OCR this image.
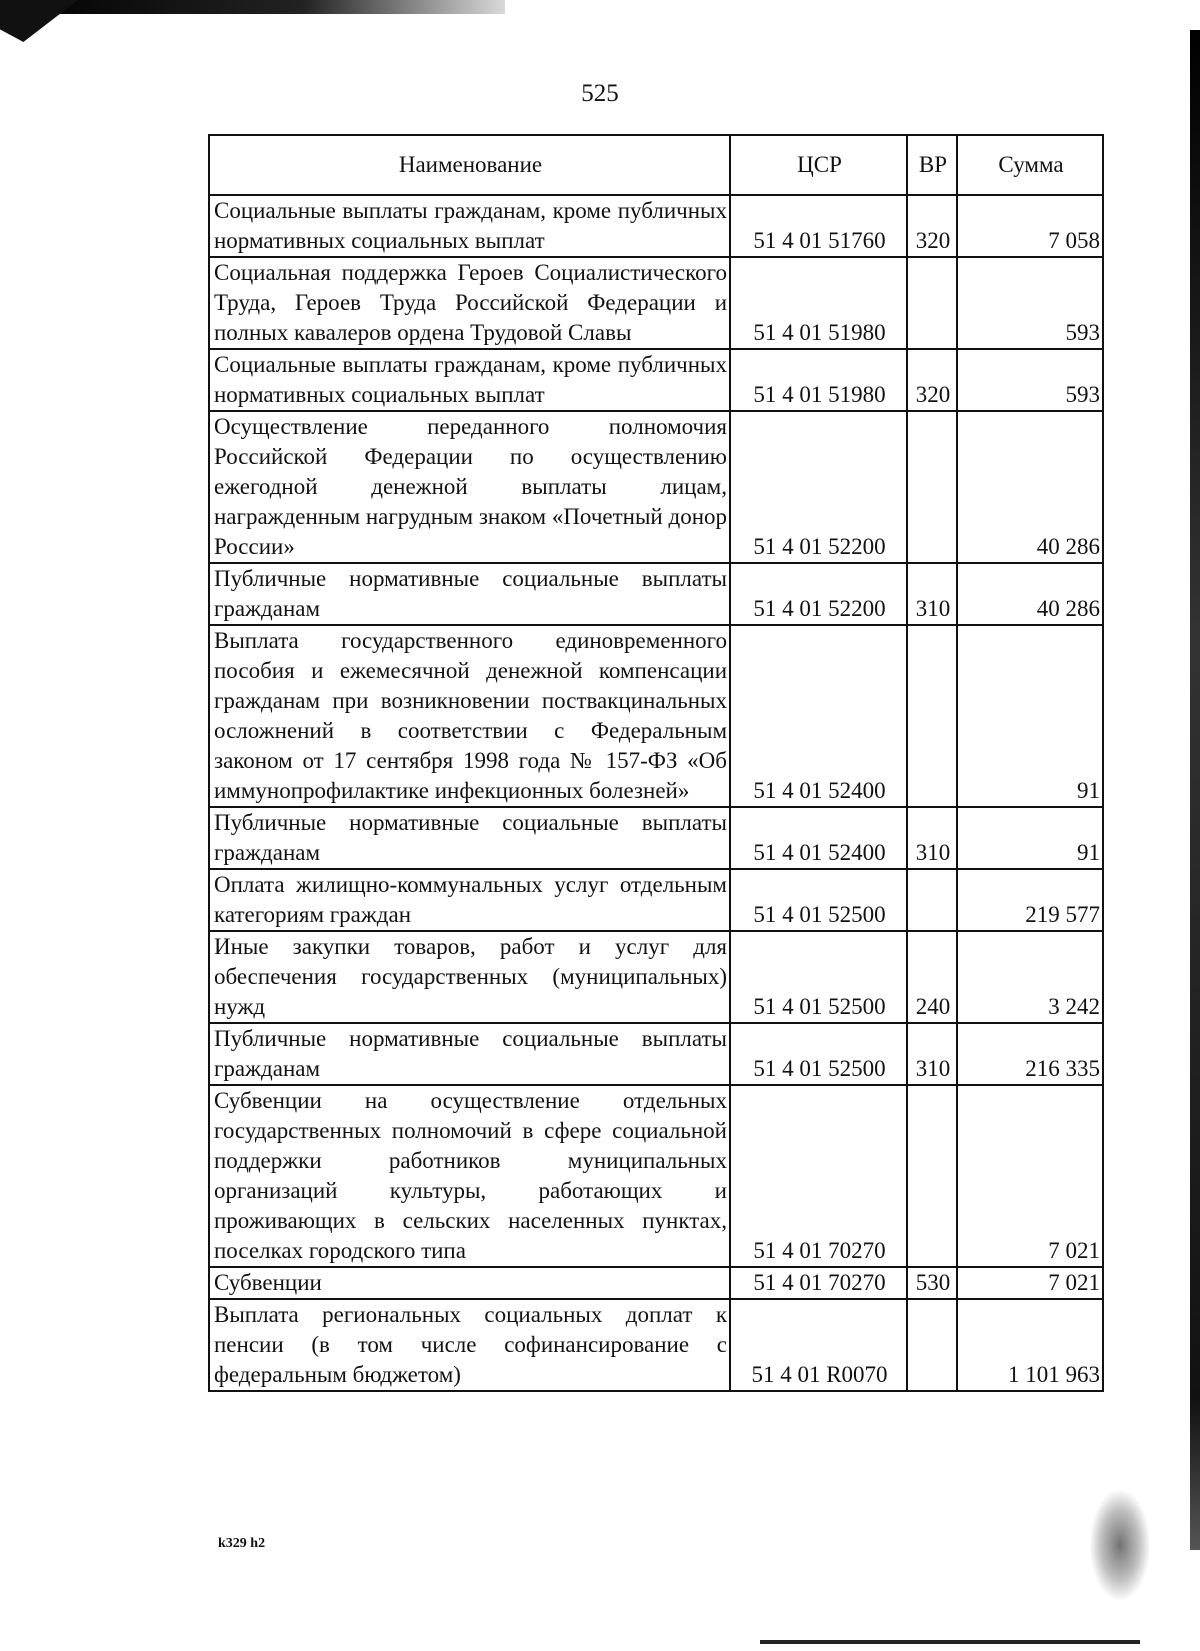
525
Наименование	ЦСР	ВР	Сумма
Социальные выплаты гражданам, кроме публичных нормативных социальных выплат	51 4 01 51760	320	7 058
Социальная поддержка Героев Социалистического Труда, Героев Труда Российской Федерации и полных кавалеров ордена Трудовой Славы	51 4 01 51980		593
Социальные выплаты гражданам, кроме публичных нормативных социальных выплат	51 4 01 51980	320	593
Осуществление переданного полномочия Российской Федерации по осуществлению ежегодной денежной выплаты лицам, награжденным нагрудным знаком «Почетный донор России»	51 4 01 52200		40 286
Публичные нормативные социальные выплаты гражданам	51 4 01 52200	310	40 286
Выплата государственного единовременного пособия и ежемесячной денежной компенсации гражданам при возникновении поствакцинальных осложнений в соответствии с Федеральным законом от 17 сентября 1998 года № 157-ФЗ «Об иммунопрофилактике инфекционных болезней»	51 4 01 52400		91
Публичные нормативные социальные выплаты гражданам	51 4 01 52400	310	91
Оплата жилищно-коммунальных услуг отдельным категориям граждан	51 4 01 52500		219 577
Иные закупки товаров, работ и услуг для обеспечения государственных (муниципальных) нужд	51 4 01 52500	240	3 242
Публичные нормативные социальные выплаты гражданам	51 4 01 52500	310	216 335
Субвенции на осуществление отдельных государственных полномочий в сфере социальной поддержки работников муниципальных организаций культуры, работающих и проживающих в сельских населенных пунктах, поселках городского типа	51 4 01 70270		7 021
Субвенции	51 4 01 70270	530	7 021
Выплата региональных социальных доплат к пенсии (в том числе софинансирование с федеральным бюджетом)	51 4 01 R0070		1 101 963
k329 h2
